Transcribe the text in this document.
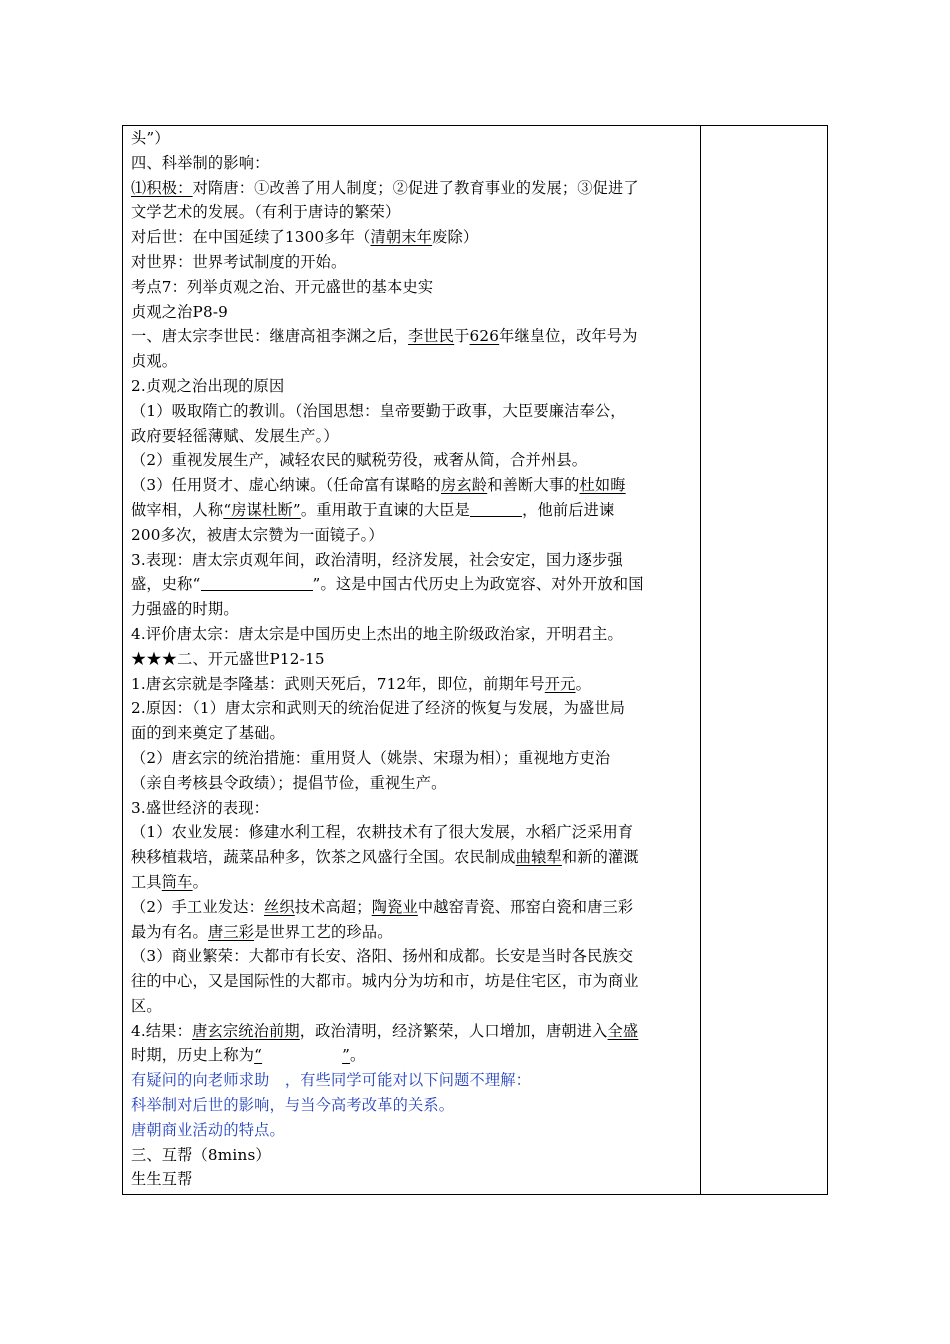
头”）
四、科举制的影响：
⑴积极：对隋唐：①改善了用人制度；②促进了教育事业的发展；③促进了
文学艺术的发展。（有利于唐诗的繁荣）
对后世：在中国延续了1300多年（清朝末年废除）
对世界：世界考试制度的开始。
考点7：列举贞观之治、开元盛世的基本史实
贞观之治P8-9
一、唐太宗李世民：继唐高祖李渊之后，李世民于626年继皇位，改年号为
贞观。
2.贞观之治出现的原因
（1）吸取隋亡的教训。（治国思想：皇帝要勤于政事，大臣要廉洁奉公，
政府要轻徭薄赋、发展生产。）
（2）重视发展生产，减轻农民的赋税劳役，戒奢从简，合并州县。
（3）任用贤才、虚心纳谏。（任命富有谋略的房玄龄和善断大事的杜如晦
做宰相，人称“房谋杜断”。重用敢于直谏的大臣是	，他前后进谏
200多次，被唐太宗赞为一面镜子。）
3.表现：唐太宗贞观年间，政治清明，经济发展，社会安定，国力逐步强
盛，史称“	”。这是中国古代历史上为政宽容、对外开放和国
力强盛的时期。
4.评价唐太宗：唐太宗是中国历史上杰出的地主阶级政治家，开明君主。
★★★二、开元盛世P12-15
1.唐玄宗就是李隆基：武则天死后，712年，即位，前期年号开元。
2.原因：（1）唐太宗和武则天的统治促进了经济的恢复与发展，为盛世局
面的到来奠定了基础。
（2）唐玄宗的统治措施：重用贤人（姚崇、宋璟为相）；重视地方吏治
（亲自考核县令政绩）；提倡节俭，重视生产。
3.盛世经济的表现：
（1）农业发展：修建水利工程，农耕技术有了很大发展，水稻广泛采用育
秧移植栽培，蔬菜品种多，饮茶之风盛行全国。农民制成曲辕犁和新的灌溉
工具筒车。
（2）手工业发达：丝织技术高超；陶瓷业中越窑青瓷、邢窑白瓷和唐三彩
最为有名。唐三彩是世界工艺的珍品。
（3）商业繁荣：大都市有长安、洛阳、扬州和成都。长安是当时各民族交
往的中心，又是国际性的大都市。城内分为坊和市，坊是住宅区，市为商业
区。
4.结果：唐玄宗统治前期，政治清明，经济繁荣，人口增加，唐朝进入全盛
时期，历史上称为“	”。
有疑问的向老师求助　，有些同学可能对以下问题不理解：
科举制对后世的影响，与当今高考改革的关系。
唐朝商业活动的特点。
三、互帮（8mins）
生生互帮
